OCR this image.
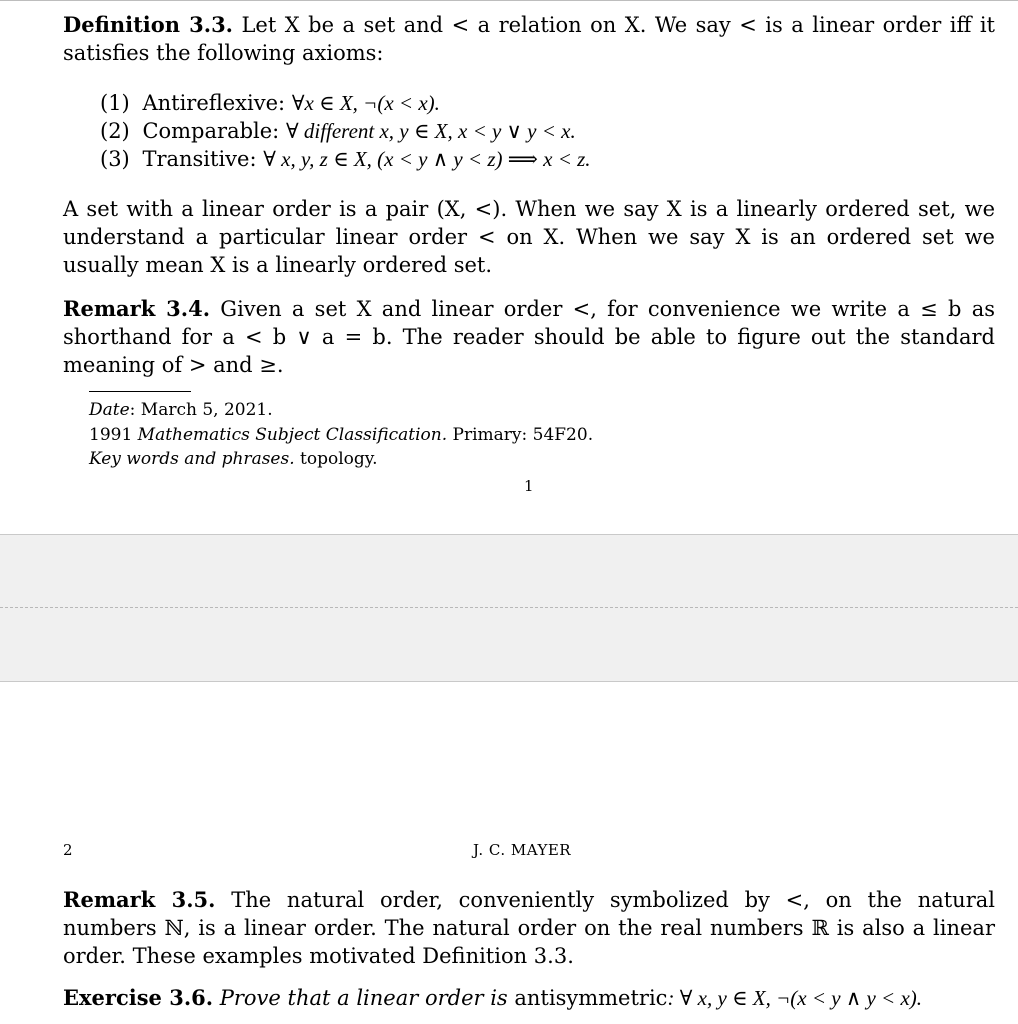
Definition 3.3. Let X be a set and < a relation on X. We say < is a linear order iff it satisfies the following axioms:

(1) Antireflexive: ∀x ∈ X, ¬(x < x).

(2) Comparable: ∀ different x, y ∈ X, x < y ∨ y < x.

(3) Transitive: ∀ x, y, z ∈ X, (x < y ∧ y < z) ⟹ x < z.

A set with a linear order is a pair (X, <). When we say X is a linearly ordered set, we understand a particular linear order < on X. When we say X is an ordered set we usually mean X is a linearly ordered set.

Remark 3.4. Given a set X and linear order <, for convenience we write a ≤ b as shorthand for a < b ∨ a = b. The reader should be able to figure out the standard meaning of > and ≥.

Date: March 5, 2021.
1991 Mathematics Subject Classification. Primary: 54F20.
Key words and phrases. topology.
1
2	J. C. MAYER

Remark 3.5. The natural order, conveniently symbolized by <, on the natural numbers ℕ, is a linear order. The natural order on the real numbers ℝ is also a linear order. These examples motivated Definition 3.3.

Exercise 3.6. Prove that a linear order is antisymmetric: ∀ x, y ∈ X, ¬(x < y ∧ y < x).
